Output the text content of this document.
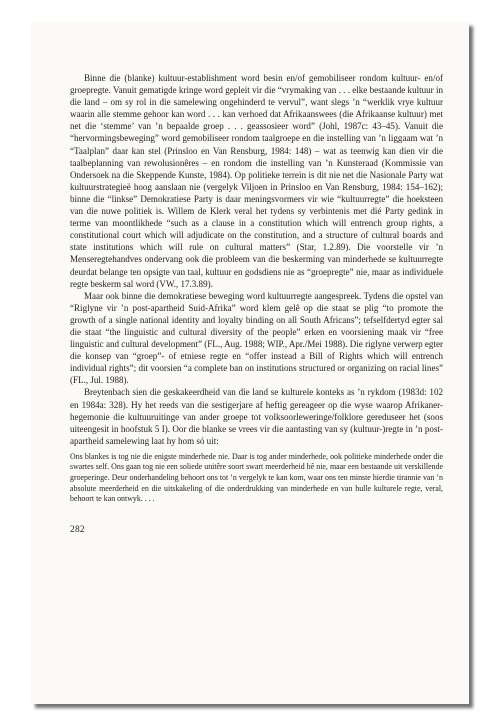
Binne die (blanke) kultuur-establishment word besin en/of gemobiliseer rondom kultuur- en/of groepregte. Vanuit gematigde kringe word gepleit vir die “vrymaking van . . . elke bestaande kultuur in die land – om sy rol in die samelewing ongehinderd te vervul”, want slegs ’n “werklik vrye kultuur waarin alle stemme gehoor kan word . . . kan verhoed dat Afrikaanswees (die Afrikaanse kultuur) met net die ‘stemme’ van ’n bepaalde groep . . . geassosieer word” (Johl, 1987c: 43–45). Vanuit die “hervormingsbeweging” word gemobiliseer rondom taalgroepe en die instelling van ’n liggaam wat ’n “Taalplan” daar kan stel (Prinsloo en Van Rensburg, 1984: 148) – wat as teenwig kan dien vir die taalbeplanning van rewolusionêres – en rondom die instelling van ’n Kunsteraad (Kommissie van Ondersoek na die Skeppende Kunste, 1984). Op politieke terrein is dit nie net die Nasionale Party wat kultuurstrategieë hoog aanslaan nie (vergelyk Viljoen in Prinsloo en Van Rensburg, 1984: 154–162); binne die “linkse” Demokratiese Party is daar meningsvormers vir wie “kultuurregte” die hoeksteen van die nuwe politiek is. Willem de Klerk veral het tydens sy verbintenis met dié Party gedink in terme van moontlikhede “such as a clause in a constitution which will entrench group rights, a constitutional court which will adjudicate on the constitution, and a structure of cultural boards and state institutions which will rule on cultural matters” (Star, 1.2.89). Die voorstelle vir ’n Menseregtehandves ondervang ook die probleem van die beskerming van minderhede se kultuurregte deurdat belange ten opsigte van taal, kultuur en godsdiens nie as “groepregte” nie, maar as individuele regte beskerm sal word (VW., 17.3.89).

Maar ook binne die demokratiese beweging word kultuurregte aangespreek. Tydens die opstel van “Riglyne vir ’n post-apartheid Suid-Afrika” word klem gelê op die staat se plig “to promote the growth of a single national identity and loyalty binding on all South Africans”; tefselfdertyd egter sal die staat “the linguistic and cultural diversity of the people” erken en voorsiening maak vir “free linguistic and cultural development” (FL., Aug. 1988; WIP., Apr./Mei 1988). Die riglyne verwerp egter die konsep van “groep”- of etniese regte en “offer instead a Bill of Rights which will entrench individual rights”; dit voorsien “a complete ban on institutions structured or organizing on racial lines” (FL., Jul. 1988).

Breytenbach sien die geskakeerdheid van die land se kulturele konteks as ’n rykdom (1983d: 102 en 1984a: 328). Hy het reeds van die sestigerjare af heftig gereageer op die wyse waarop Afrikaner-hegemonie die kultuuruitinge van ander groepe tot volksoorleweringe/folklore gereduseer het (soos uiteengesit in hoofstuk 5 I). Oor die blanke se vrees vir die aantasting van sy (kultuur-)regte in ’n post-apartheid samelewing laat hy hom só uit:

Ons blankes is tog nie die enigste minderhede nie. Daar is tog ander minderhede, ook politieke minderhede onder die swartes self. Ons gaan tog nie een soliede unitêre soort swart meerderheid hê nie, maar een bestaande uit verskillende groeperinge. Deur onderhandeling behoort ons tot ’n vergelyk te kan kom, waar ons ten minste hierdie tirannie van ’n absolute meerderheid en die uitskakeling of die onderdrukking van minderhede en van hulle kulturele regte, veral, behoort te kan ontwyk. . . .

282
